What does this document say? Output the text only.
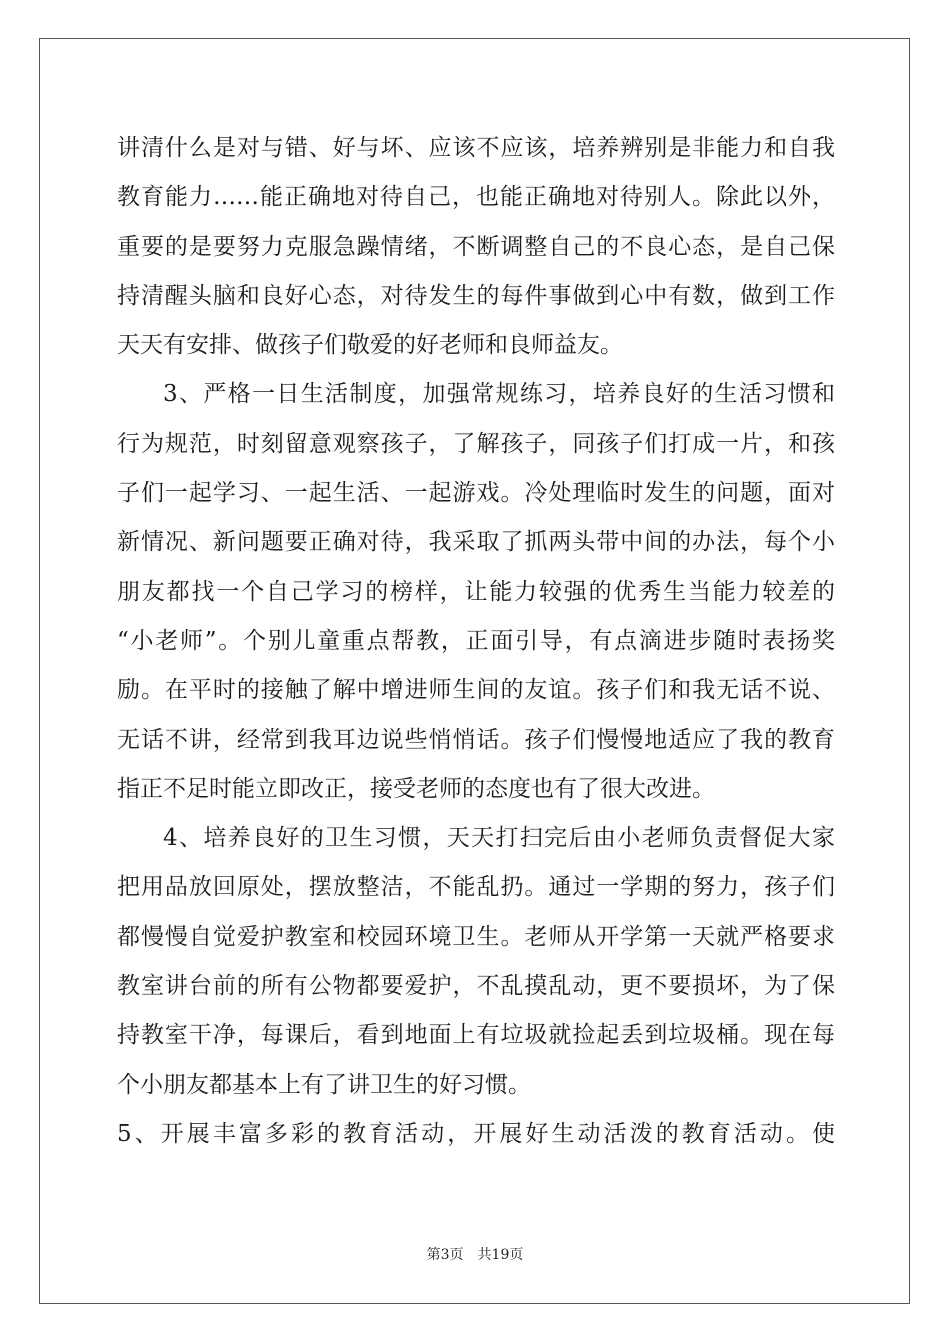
讲清什么是对与错、好与坏、应该不应该，培养辨别是非能力和自我
教育能力……能正确地对待自己，也能正确地对待别人。除此以外，
重要的是要努力克服急躁情绪，不断调整自己的不良心态，是自己保
持清醒头脑和良好心态，对待发生的每件事做到心中有数，做到工作
天天有安排、做孩子们敬爱的好老师和良师益友。
3、严格一日生活制度，加强常规练习，培养良好的生活习惯和
行为规范，时刻留意观察孩子，了解孩子，同孩子们打成一片，和孩
子们一起学习、一起生活、一起游戏。冷处理临时发生的问题，面对
新情况、新问题要正确对待，我采取了抓两头带中间的办法，每个小
朋友都找一个自己学习的榜样，让能力较强的优秀生当能力较差的
“小老师”。个别儿童重点帮教，正面引导，有点滴进步随时表扬奖
励。在平时的接触了解中增进师生间的友谊。孩子们和我无话不说、
无话不讲，经常到我耳边说些悄悄话。孩子们慢慢地适应了我的教育
指正不足时能立即改正，接受老师的态度也有了很大改进。
4、培养良好的卫生习惯，天天打扫完后由小老师负责督促大家
把用品放回原处，摆放整洁，不能乱扔。通过一学期的努力，孩子们
都慢慢自觉爱护教室和校园环境卫生。老师从开学第一天就严格要求
教室讲台前的所有公物都要爱护，不乱摸乱动，更不要损坏，为了保
持教室干净，每课后，看到地面上有垃圾就捡起丢到垃圾桶。现在每
个小朋友都基本上有了讲卫生的好习惯。
5、开展丰富多彩的教育活动，开展好生动活泼的教育活动。使
第3页 共19页
